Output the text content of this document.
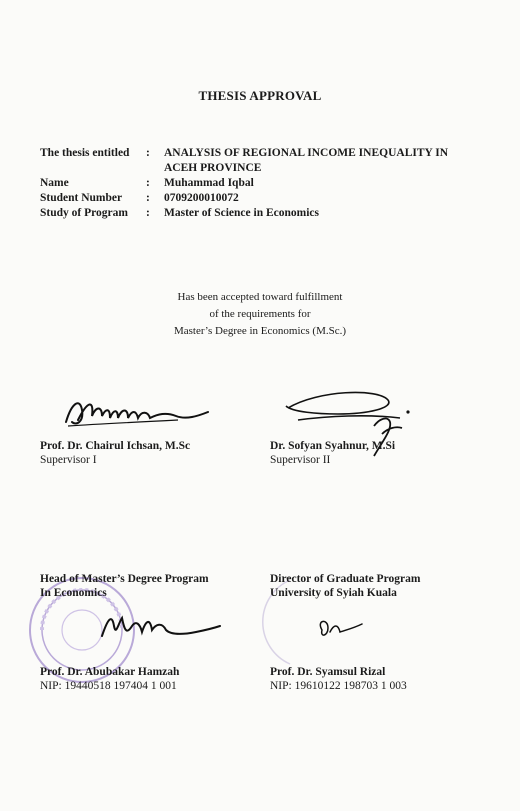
THESIS APPROVAL
The thesis entitled	:	ANALYSIS OF REGIONAL INCOME INEQUALITY IN
ACEH PROVINCE
Name	:	Muhammad Iqbal
Student Number	:	0709200010072
Study of Program	:	Master of Science in Economics
Has been accepted toward fulfillment
of the requirements for
Master’s Degree in Economics (M.Sc.)
Prof. Dr. Chairul Ichsan, M.Sc
Supervisor I
Dr. Sofyan Syahnur, M.Si
Supervisor II
Head of Master’s Degree Program
In Economics
Prof. Dr. Abubakar Hamzah
NIP: 19440518 197404 1 001
Director of Graduate Program
University of Syiah Kuala
Prof. Dr. Syamsul Rizal
NIP: 19610122 198703 1 003
